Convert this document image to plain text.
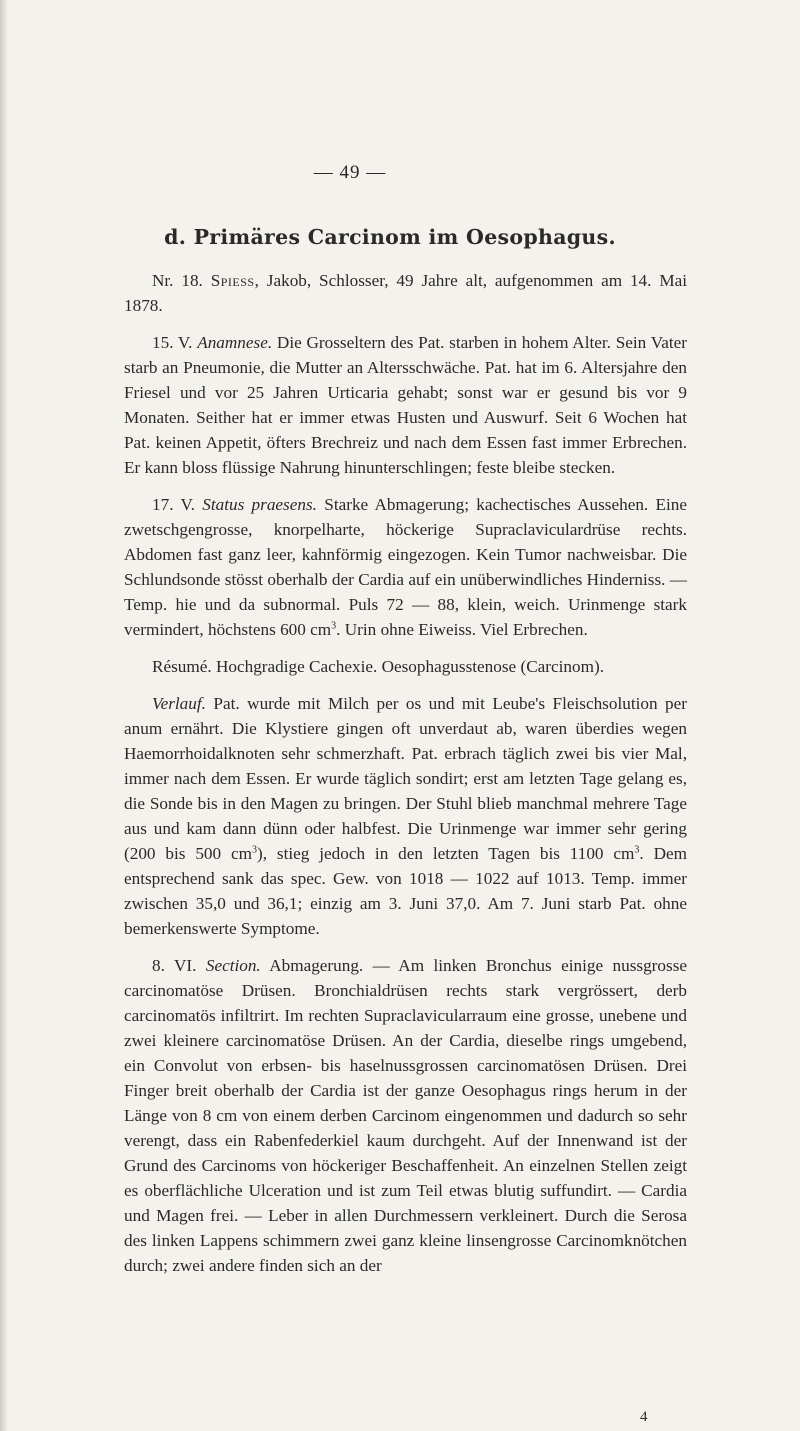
— 49 —
d. Primäres Carcinom im Oesophagus.

Nr. 18. Spiess, Jakob, Schlosser, 49 Jahre alt, aufgenommen am 14. Mai 1878.

15. V. Anamnese. Die Grosseltern des Pat. starben in hohem Alter. Sein Vater starb an Pneumonie, die Mutter an Altersschwäche. Pat. hat im 6. Altersjahre den Friesel und vor 25 Jahren Urticaria gehabt; sonst war er gesund bis vor 9 Monaten. Seither hat er immer etwas Husten und Auswurf. Seit 6 Wochen hat Pat. keinen Appetit, öfters Brechreiz und nach dem Essen fast immer Erbrechen. Er kann bloss flüssige Nahrung hinunterschlingen; feste bleibe stecken.

17. V. Status praesens. Starke Abmagerung; kachectisches Aussehen. Eine zwetschgengrosse, knorpelharte, höckerige Supraclaviculardrüse rechts. Abdomen fast ganz leer, kahnförmig eingezogen. Kein Tumor nachweisbar. Die Schlundsonde stösst oberhalb der Cardia auf ein unüberwindliches Hinderniss. — Temp. hie und da subnormal. Puls 72 — 88, klein, weich. Urinmenge stark vermindert, höchstens 600 $cm^3$. Urin ohne Eiweiss. Viel Erbrechen.

Résumé. Hochgradige Cachexie. Oesophagusstenose (Carcinom).

Verlauf. Pat. wurde mit Milch per os und mit Leube's Fleischsolution per anum ernährt. Die Klystiere gingen oft unverdaut ab, waren überdies wegen Haemorrhoidalknoten sehr schmerzhaft. Pat. erbrach täglich zwei bis vier Mal, immer nach dem Essen. Er wurde täglich sondirt; erst am letzten Tage gelang es, die Sonde bis in den Magen zu bringen. Der Stuhl blieb manchmal mehrere Tage aus und kam dann dünn oder halbfest. Die Urinmenge war immer sehr gering (200 bis 500 $cm^3$), stieg jedoch in den letzten Tagen bis 1100 $cm^3$. Dem entsprechend sank das spec. Gew. von 1018 — 1022 auf 1013. Temp. immer zwischen 35,0 und 36,1; einzig am 3. Juni 37,0. Am 7. Juni starb Pat. ohne bemerkenswerte Symptome.

8. VI. Section. Abmagerung. — Am linken Bronchus einige nussgrosse carcinomatöse Drüsen. Bronchialdrüsen rechts stark vergrössert, derb carcinomatös infiltrirt. Im rechten Supraclavicularraum eine grosse, unebene und zwei kleinere carcinomatöse Drüsen. An der Cardia, dieselbe rings umgebend, ein Convolut von erbsen- bis haselnussgrossen carcinomatösen Drüsen. Drei Finger breit oberhalb der Cardia ist der ganze Oesophagus rings herum in der Länge von 8 cm von einem derben Carcinom eingenommen und dadurch so sehr verengt, dass ein Rabenfederkiel kaum durchgeht. Auf der Innenwand ist der Grund des Carcinoms von höckeriger Beschaffenheit. An einzelnen Stellen zeigt es oberflächliche Ulceration und ist zum Teil etwas blutig suffundirt. — Cardia und Magen frei. — Leber in allen Durchmessern verkleinert. Durch die Serosa des linken Lappens schimmern zwei ganz kleine linsengrosse Carcinomknötchen durch; zwei andere finden sich an der

4
